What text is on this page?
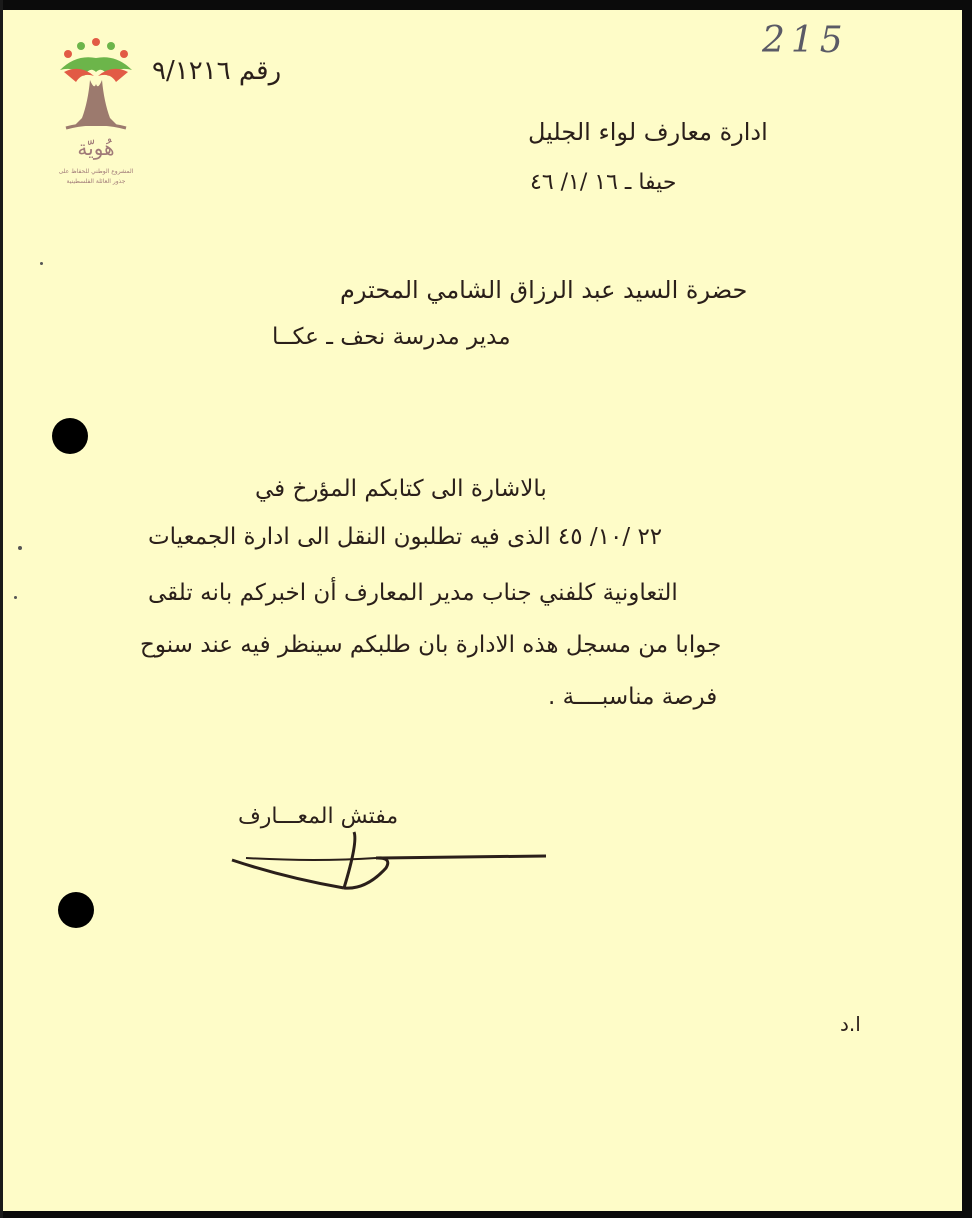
هُويّة
المشروع الوطني للحفاظ على
جذور العائلة الفلسطينية
215
رقم ٩/١٢١٦
ادارة معارف لواء الجليل
حيفا ـ ١٦ /١/ ٤٦
حضرة السيد عبد الرزاق الشامي المحترم
مدير مدرسة نحف ـ عكــا
بالاشارة الى كتابكم المؤرخ في
٢٢ /١٠/ ٤٥ الذى فيه تطلبون النقل الى ادارة الجمعيات
التعاونية كلفني جناب مدير المعارف أن اخبركم بانه تلقى
جوابا من مسجل هذه الادارة بان طلبكم سينظر فيه عند سنوح
فرصة مناسبــــة .
مفتش المعـــارف
ا.د
